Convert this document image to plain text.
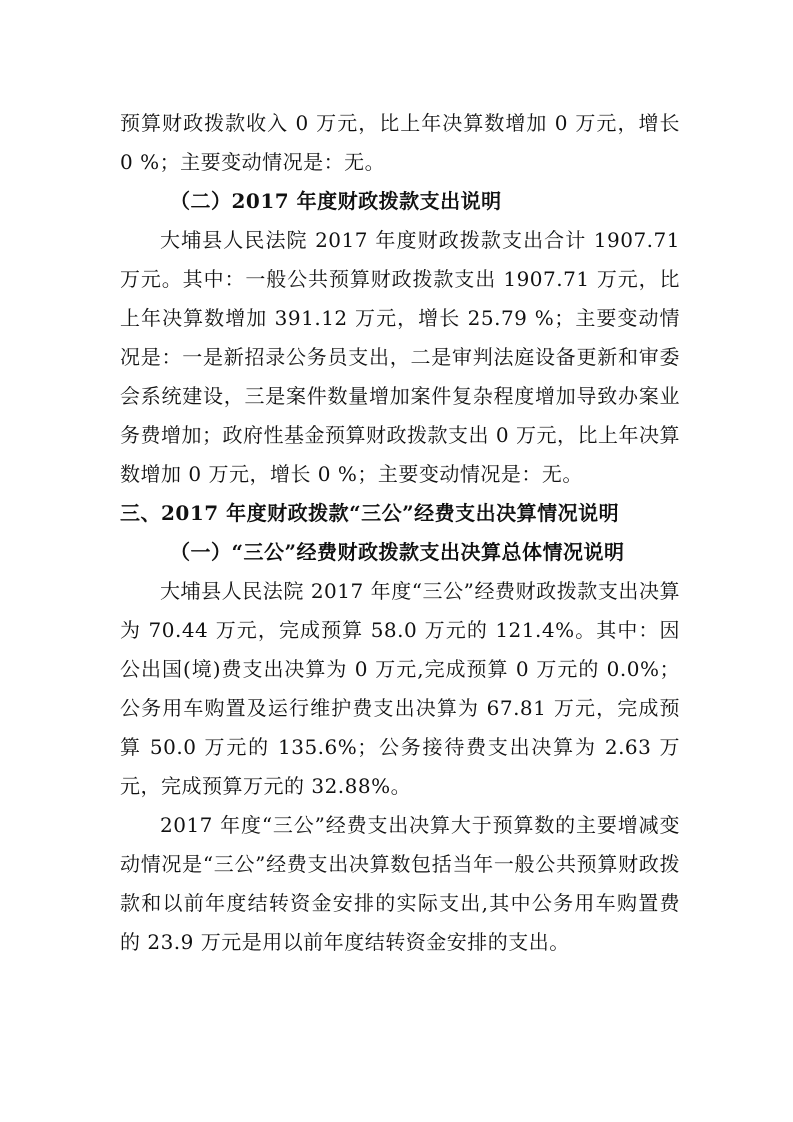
预算财政拨款收入 0 万元，比上年决算数增加 0 万元，增长 0 %；主要变动情况是：无。

（二）2017 年度财政拨款支出说明

大埔县人民法院 2017 年度财政拨款支出合计 1907.71 万元。其中：一般公共预算财政拨款支出 1907.71 万元，比上年决算数增加 391.12 万元，增长 25.79 %；主要变动情况是：一是新招录公务员支出，二是审判法庭设备更新和审委会系统建设，三是案件数量增加案件复杂程度增加导致办案业务费增加；政府性基金预算财政拨款支出 0 万元，比上年决算数增加 0 万元，增长 0 %；主要变动情况是：无。

三、2017 年度财政拨款“三公”经费支出决算情况说明

（一）“三公”经费财政拨款支出决算总体情况说明

大埔县人民法院 2017 年度“三公”经费财政拨款支出决算为 70.44 万元，完成预算 58.0 万元的 121.4%。其中：因公出国(境)费支出决算为 0 万元,完成预算 0 万元的 0.0%；公务用车购置及运行维护费支出决算为 67.81 万元，完成预算 50.0 万元的 135.6%；公务接待费支出决算为 2.63 万元，完成预算万元的 32.88%。

2017 年度“三公”经费支出决算大于预算数的主要增减变动情况是“三公”经费支出决算数包括当年一般公共预算财政拨款和以前年度结转资金安排的实际支出,其中公务用车购置费的 23.9 万元是用以前年度结转资金安排的支出。
